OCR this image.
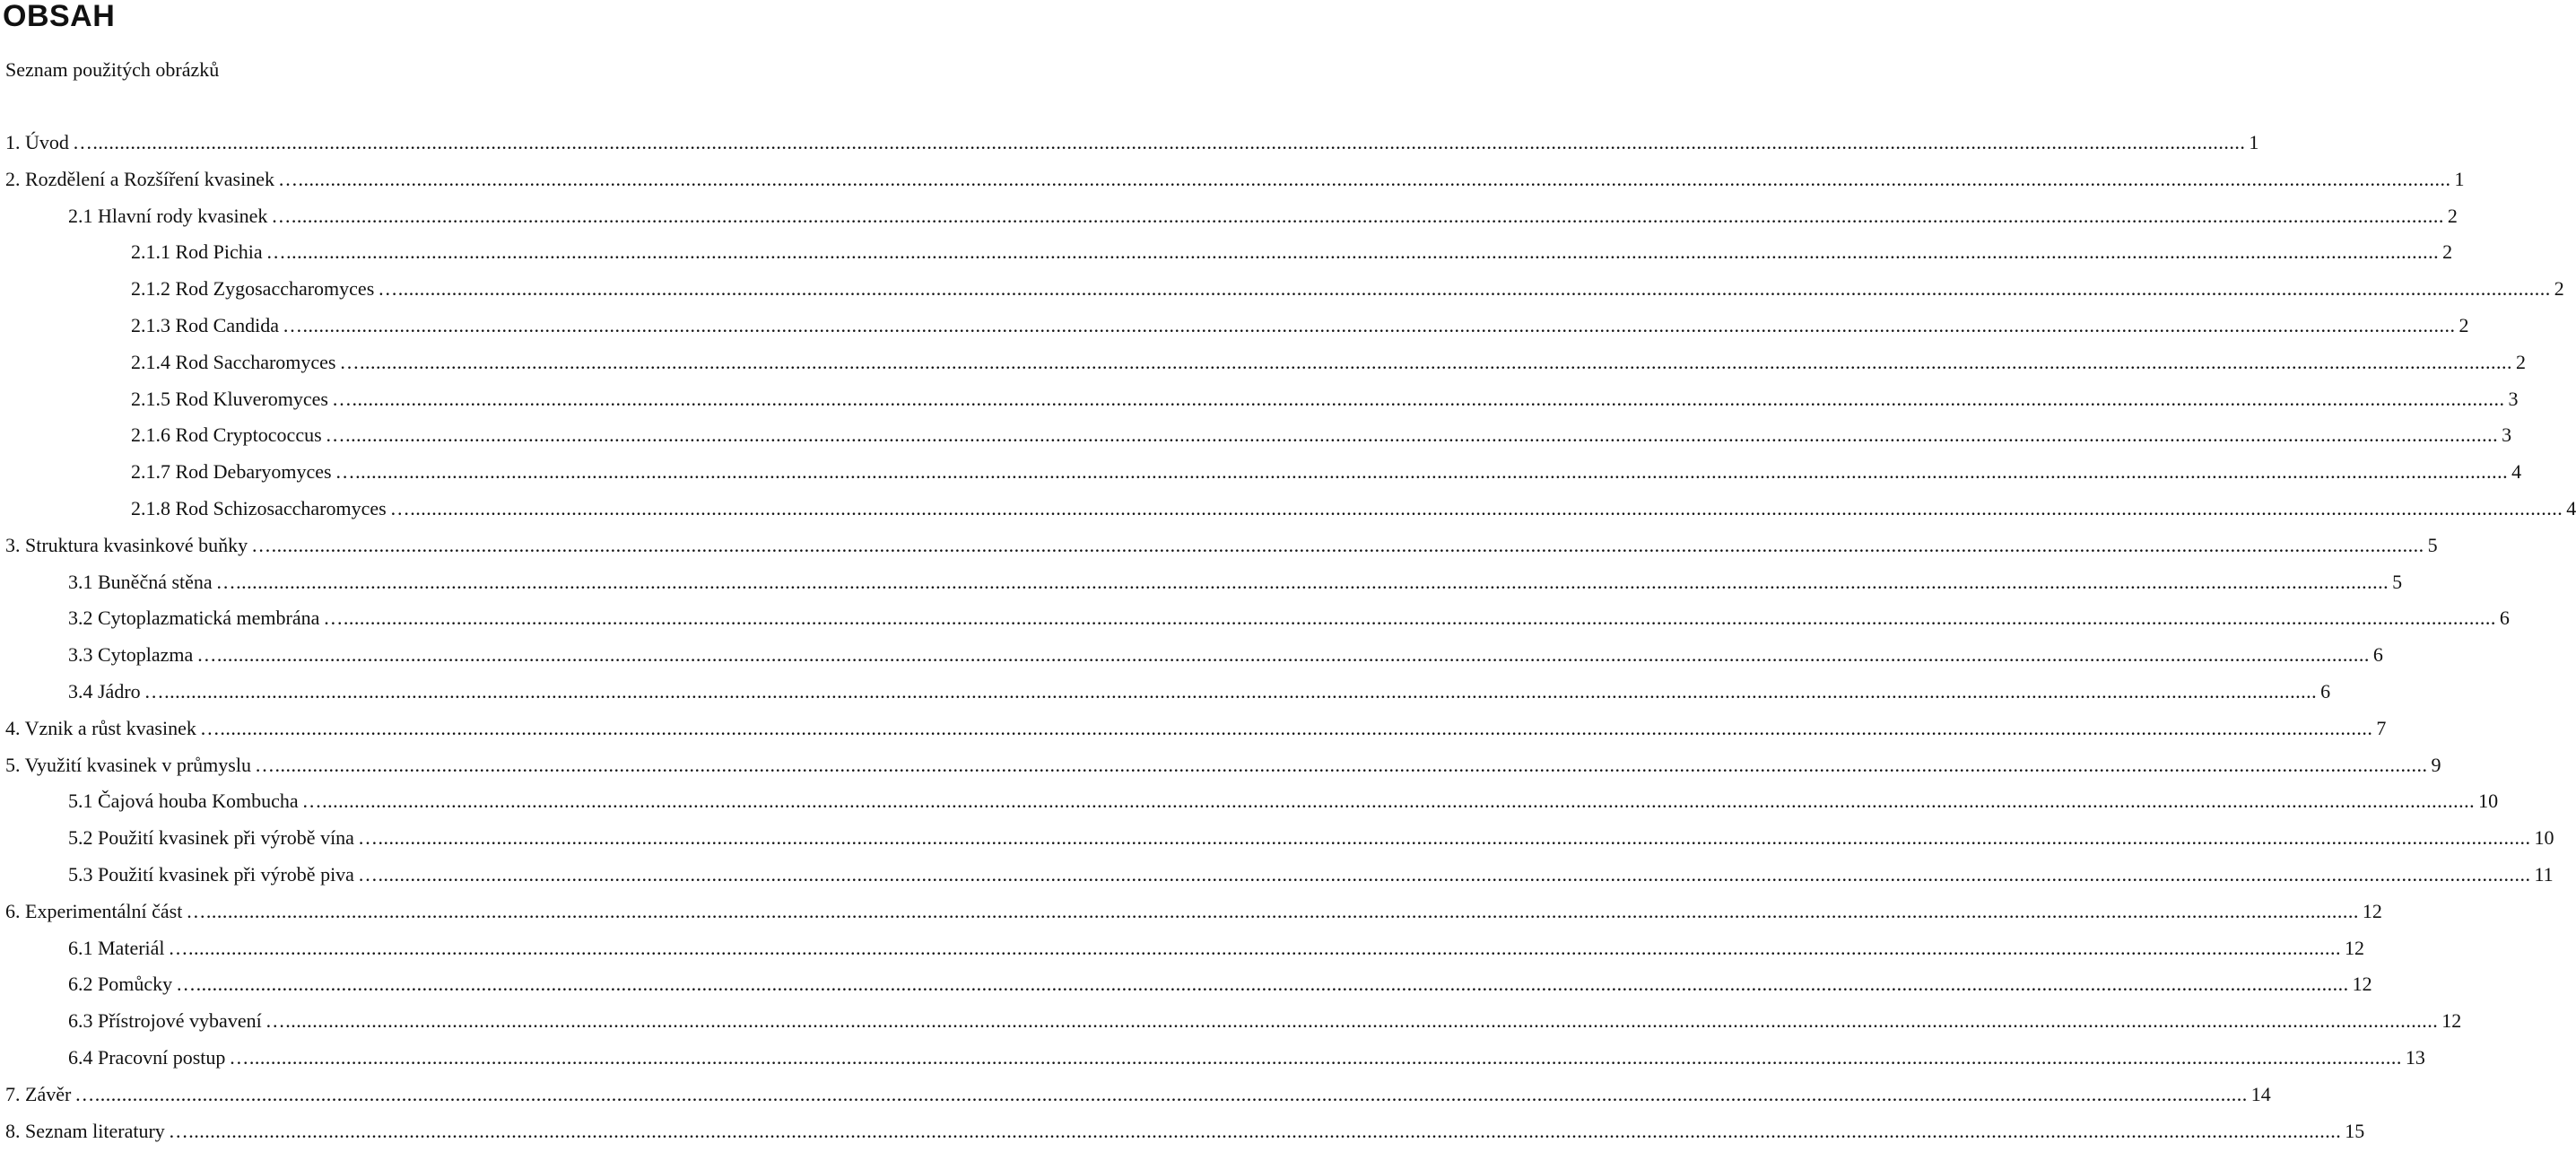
OBSAH
Seznam použitých obrázků
1. Úvod …................................................................................................................................................................................................................................................................................................................................................................................................................ 1
2. Rozdělení a Rozšíření kvasinek …................................................................................................................................................................................................................................................................................................................................................................................................................ 1
2.1 Hlavní rody kvasinek …................................................................................................................................................................................................................................................................................................................................................................................................................ 2
2.1.1 Rod Pichia …................................................................................................................................................................................................................................................................................................................................................................................................................ 2
2.1.2 Rod Zygosaccharomyces …................................................................................................................................................................................................................................................................................................................................................................................................................ 2
2.1.3 Rod Candida …................................................................................................................................................................................................................................................................................................................................................................................................................ 2
2.1.4 Rod Saccharomyces …................................................................................................................................................................................................................................................................................................................................................................................................................ 2
2.1.5 Rod Kluveromyces …................................................................................................................................................................................................................................................................................................................................................................................................................ 3
2.1.6 Rod Cryptococcus …................................................................................................................................................................................................................................................................................................................................................................................................................ 3
2.1.7 Rod Debaryomyces …................................................................................................................................................................................................................................................................................................................................................................................................................ 4
2.1.8 Rod Schizosaccharomyces …................................................................................................................................................................................................................................................................................................................................................................................................................ 4
3. Struktura kvasinkové buňky …................................................................................................................................................................................................................................................................................................................................................................................................................ 5
3.1 Buněčná stěna …................................................................................................................................................................................................................................................................................................................................................................................................................ 5
3.2 Cytoplazmatická membrána …................................................................................................................................................................................................................................................................................................................................................................................................................ 6
3.3 Cytoplazma …................................................................................................................................................................................................................................................................................................................................................................................................................ 6
3.4 Jádro …................................................................................................................................................................................................................................................................................................................................................................................................................ 6
4. Vznik a růst kvasinek …................................................................................................................................................................................................................................................................................................................................................................................................................ 7
5. Využití kvasinek v průmyslu …................................................................................................................................................................................................................................................................................................................................................................................................................ 9
5.1 Čajová houba Kombucha …................................................................................................................................................................................................................................................................................................................................................................................................................ 10
5.2 Použití kvasinek při výrobě vína …................................................................................................................................................................................................................................................................................................................................................................................................................ 10
5.3 Použití kvasinek při výrobě piva …................................................................................................................................................................................................................................................................................................................................................................................................................ 11
6. Experimentální část …................................................................................................................................................................................................................................................................................................................................................................................................................ 12
6.1 Materiál …................................................................................................................................................................................................................................................................................................................................................................................................................ 12
6.2 Pomůcky …................................................................................................................................................................................................................................................................................................................................................................................................................ 12
6.3 Přístrojové vybavení …................................................................................................................................................................................................................................................................................................................................................................................................................ 12
6.4 Pracovní postup …................................................................................................................................................................................................................................................................................................................................................................................................................ 13
7. Závěr …................................................................................................................................................................................................................................................................................................................................................................................................................ 14
8. Seznam literatury …................................................................................................................................................................................................................................................................................................................................................................................................................ 15
